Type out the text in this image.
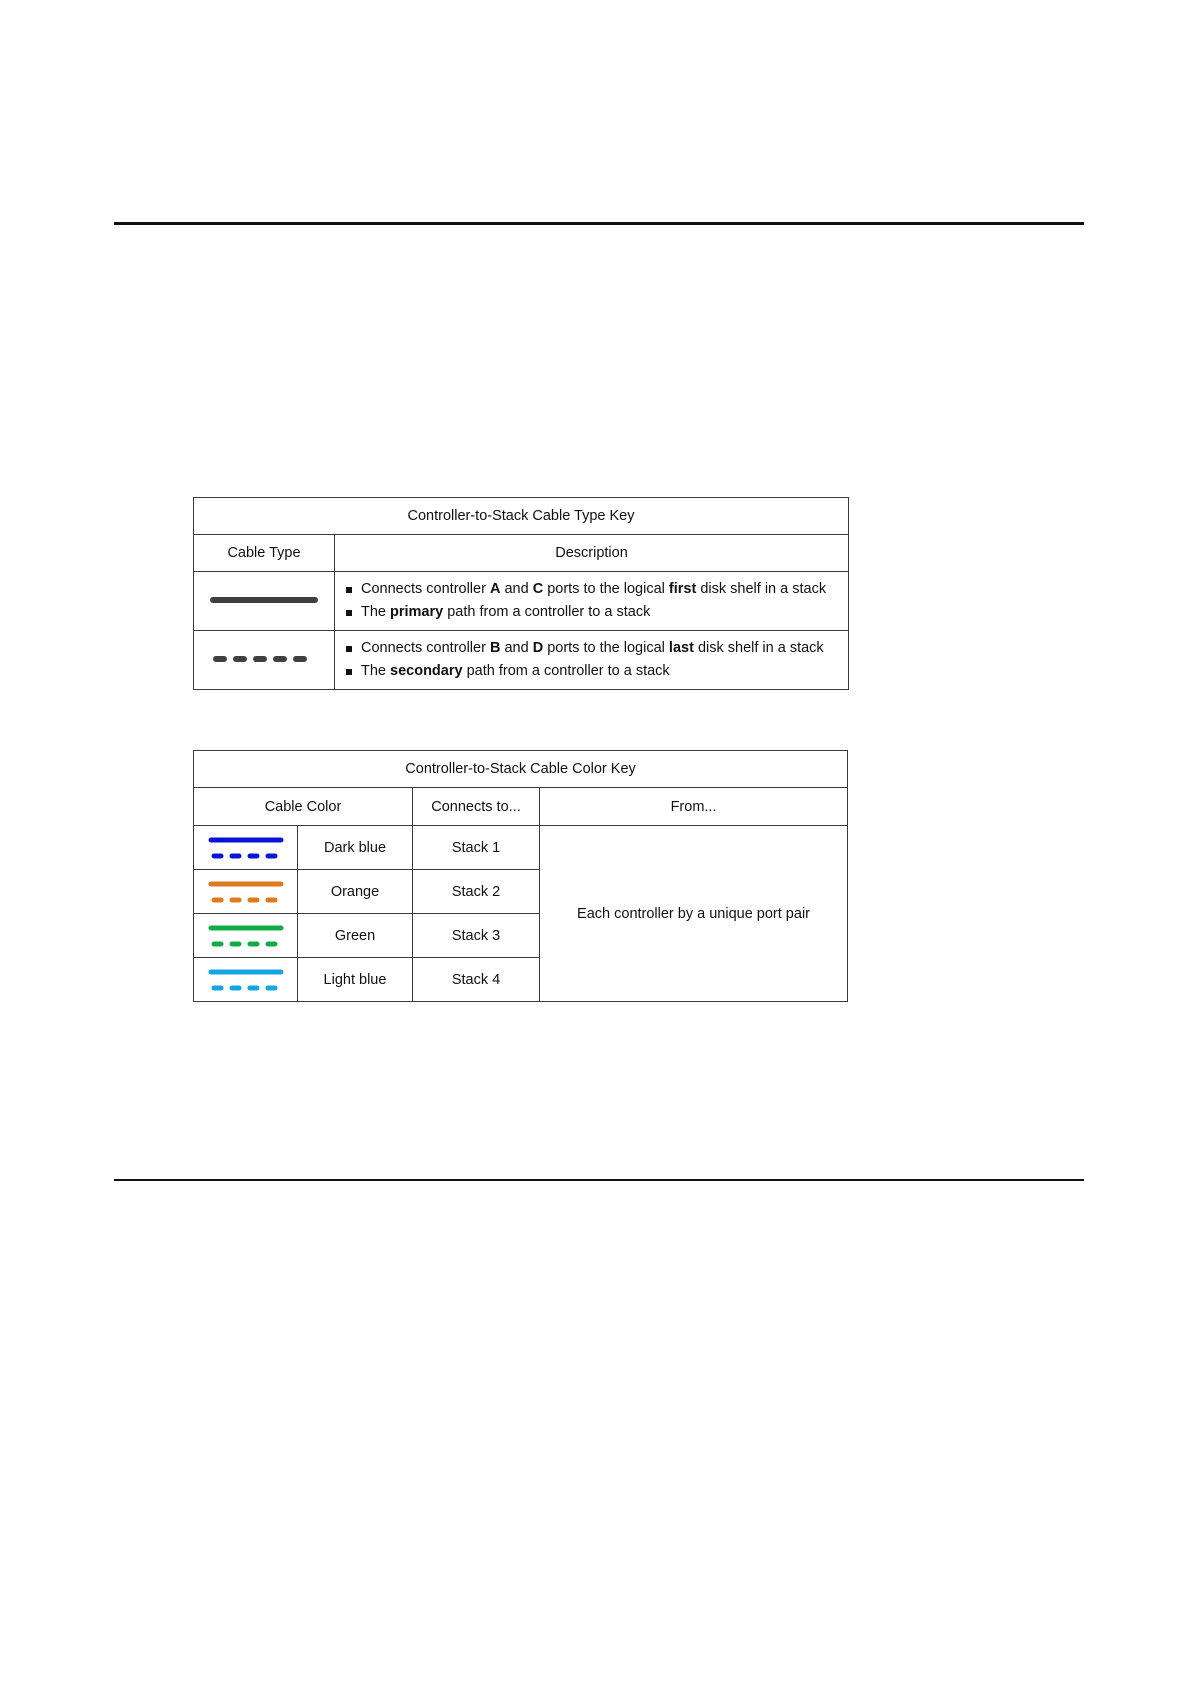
Controller-to-Stack Cable Type Key	
Cable Type	Description

Connects controller A and C ports to the logical first disk shelf in a stack
The primary path from a controller to a stack

Connects controller B and D ports to the logical last disk shelf in a stack
The secondary path from a controller to a stack
Controller-to-Stack Cable Color Key			
Cable Color		Connects to...	From...

	Dark blue	Stack 1	Each controller by a unique port pair

	Orange	Stack 2	

	Green	Stack 3	

	Light blue	Stack 4	
